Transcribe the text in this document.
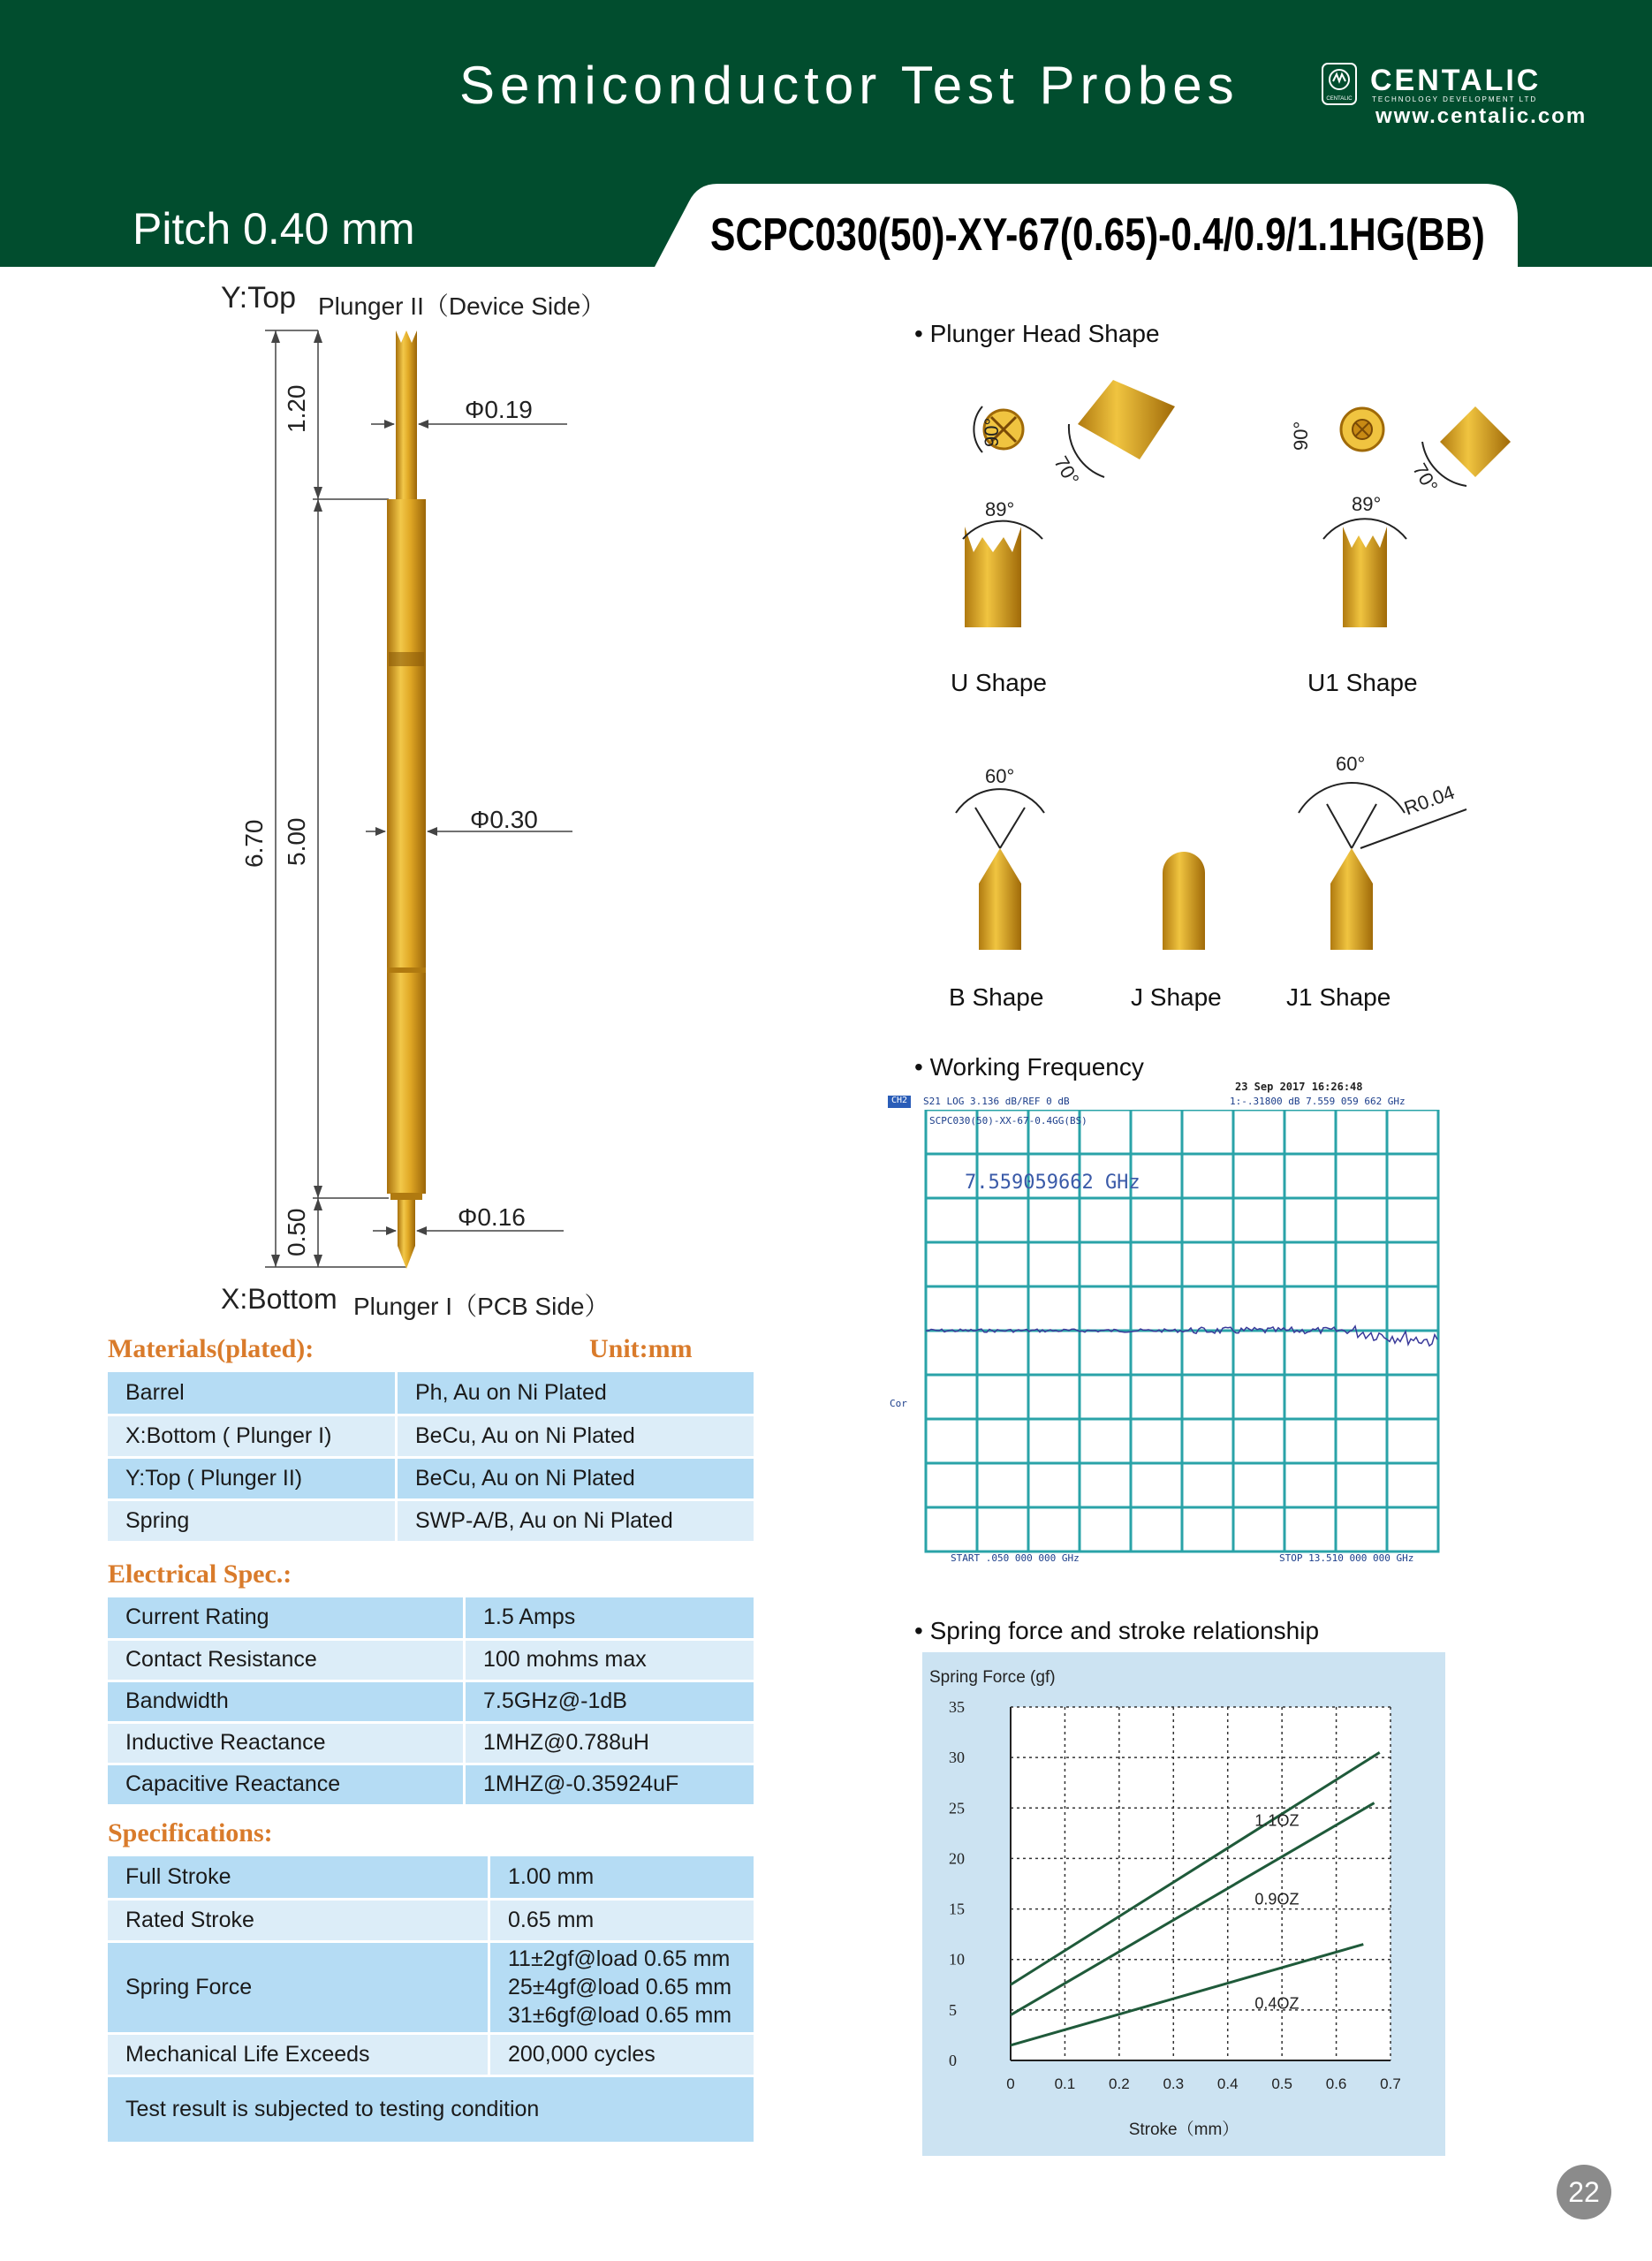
Semiconductor Test Probes	CENTALIC
CENTALIC
TECHNOLOGY DEVELOPMENT LTD
www.centalic.com
Pitch 0.40 mm	SCPC030(50)-XY-67(0.65)-0.4/0.9/1.1HG(BB)
Y:Top Plunger II（Device Side）
1.20
5.00
6.70
0.50
Φ0.19
Φ0.30
Φ0.16
X:Bottom Plunger I（PCB Side）
Materials(plated):	Unit:mm
Barrel	Ph, Au on Ni Plated
X:Bottom ( Plunger I)	BeCu, Au on Ni Plated
Y:Top ( Plunger II)	BeCu, Au on Ni Plated
Spring	SWP-A/B, Au on Ni Plated
Electrical Spec.:
Current Rating	1.5 Amps
Contact Resistance	100 mohms max
Bandwidth	7.5GHz@-1dB
Inductive Reactance	1MHZ@0.788uH
Capacitive Reactance	1MHZ@-0.35924uF
Specifications:
Full Stroke	1.00 mm
Rated Stroke	0.65 mm
Spring Force	11±2gf@load 0.65 mm
25±4gf@load 0.65 mm
31±6gf@load 0.65 mm

Mechanical Life Exceeds	200,000 cycles
Test result is subjected to testing condition	
• Plunger Head Shape
90°
70°
89°
90°
70°
89°
U Shape	U1 Shape
60°
60°
R0.04
B Shape	J Shape	J1 Shape
• Working Frequency
23 Sep 2017 16:26:48
CH2	S21 LOG 3.136 dB/REF 0 dB	1:-.31800 dB 7.559 059 662 GHz
SCPC030(50)-XX-67-0.4GG(BS)
7.559059662 GHz
Cor
START .050 000 000 GHz	STOP 13.510 000 000 GHz
• Spring force and stroke relationship
0	0.1 0.2 0.3 0.4 0.5 0.6 0.7
0
5
10
15
20
25
30
35
1.1OZ
0.9OZ
0.4OZ
Spring Force (gf)
Stroke（mm）
22
